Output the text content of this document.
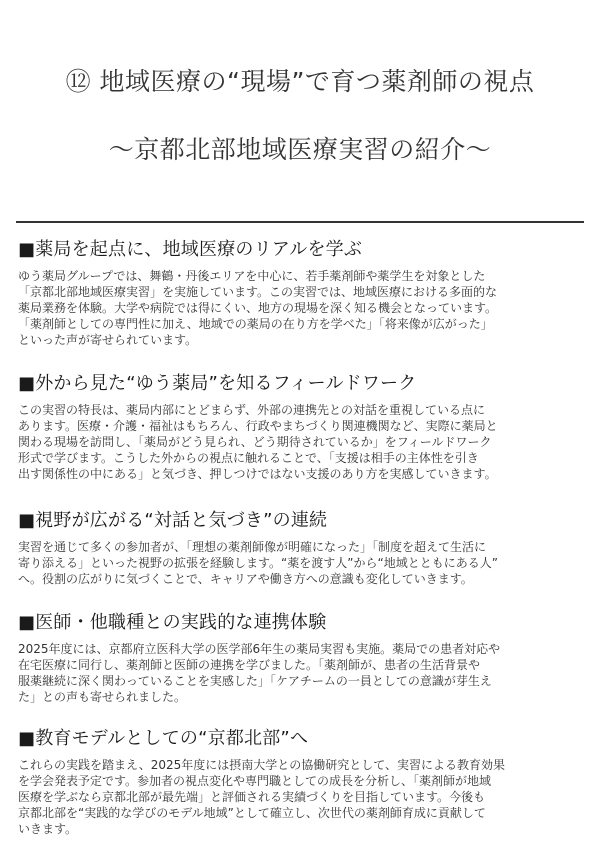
⑫ 地域医療の“現場”で育つ薬剤師の視点
～京都北部地域医療実習の紹介～
■薬局を起点に、地域医療のリアルを学ぶ

ゆう薬局グループでは、舞鶴・丹後エリアを中心に、若手薬剤師や薬学生を対象とした

「京都北部地域医療実習」を実施しています。この実習では、地域医療における多面的な

薬局業務を体験。大学や病院では得にくい、地方の現場を深く知る機会となっています。

「薬剤師としての専門性に加え、地域での薬局の在り方を学べた」「将来像が広がった」

といった声が寄せられています。

■外から見た“ゆう薬局”を知るフィールドワーク

この実習の特長は、薬局内部にとどまらず、外部の連携先との対話を重視している点に

あります。医療・介護・福祉はもちろん、行政やまちづくり関連機関など、実際に薬局と

関わる現場を訪問し、「薬局がどう見られ、どう期待されているか」をフィールドワーク

形式で学びます。こうした外からの視点に触れることで、「支援は相手の主体性を引き

出す関係性の中にある」と気づき、押しつけではない支援のあり方を実感していきます。

■視野が広がる“対話と気づき”の連続

実習を通じて多くの参加者が、「理想の薬剤師像が明確になった」「制度を超えて生活に

寄り添える」といった視野の拡張を経験します。“薬を渡す人”から“地域とともにある人”

へ。役割の広がりに気づくことで、キャリアや働き方への意識も変化していきます。

■医師・他職種との実践的な連携体験

2025年度には、京都府立医科大学の医学部6年生の薬局実習も実施。薬局での患者対応や

在宅医療に同行し、薬剤師と医師の連携を学びました。「薬剤師が、患者の生活背景や

服薬継続に深く関わっていることを実感した」「ケアチームの一員としての意識が芽生え

た」との声も寄せられました。

■教育モデルとしての“京都北部”へ

これらの実践を踏まえ、2025年度には摂南大学との協働研究として、実習による教育効果

を学会発表予定です。参加者の視点変化や専門職としての成長を分析し、「薬剤師が地域

医療を学ぶなら京都北部が最先端」と評価される実績づくりを目指しています。今後も

京都北部を“実践的な学びのモデル地域”として確立し、次世代の薬剤師育成に貢献して

いきます。
